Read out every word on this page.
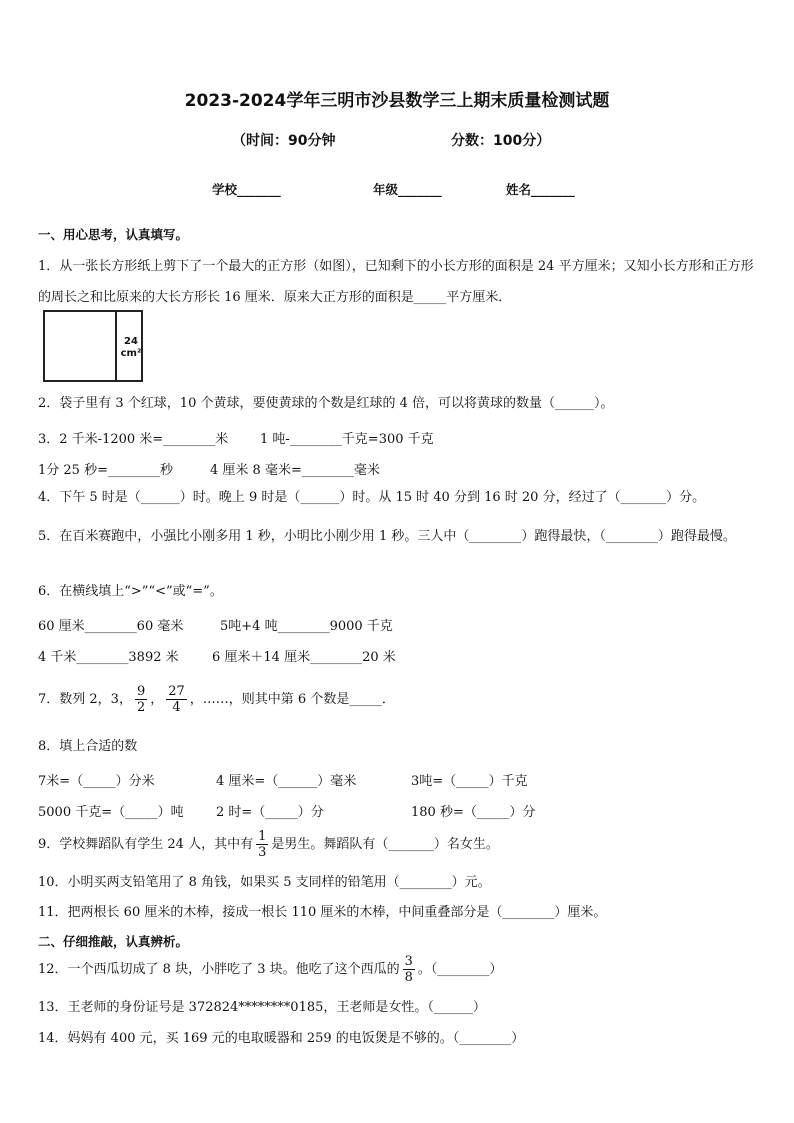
2023-2024学年三明市沙县数学三上期末质量检测试题
（时间：90分钟	分数：100分）
学校_______	年级_______	姓名_______
一、用心思考，认真填写。
1．从一张长方形纸上剪下了一个最大的正方形（如图），已知剩下的小长方形的面积是 24 平方厘米；又知小长方形和正方形的周长之和比原来的大长方形长 16 厘米．原来大正方形的面积是_____平方厘米．
24
cm²
2．袋子里有 3 个红球，10 个黄球，要使黄球的个数是红球的 4 倍，可以将黄球的数量（______）。
3．2 千米-1200 米=________米 1 吨-________千克=300 千克
1分 25 秒=________秒	4 厘米 8 毫米=________毫米
4．下午 5 时是（______）时。晚上 9 时是（______）时。从 15 时 40 分到 16 时 20 分，经过了（_______）分。
5．在百米赛跑中，小强比小刚多用 1 秒，小明比小刚少用 1 秒。三人中（________）跑得最快，（________）跑得最慢。
6．在横线填上“>”“<”或“=”。
60 厘米________60 毫米	5吨+4 吨________9000 千克
4 千米________3892 米	6 厘米＋14 厘米________20 米
7．数列 2，3， $\frac{9}{2}$ ， $\frac{27}{4}$ ，……，则其中第 6 个数是_____．
8．填上合适的数
7米=（_____）分米	4 厘米=（______）毫米	3吨=（_____）千克
5000 千克=（_____）吨 2 时=（_____）分	180 秒=（_____）分
9．学校舞蹈队有学生 24 人，其中有 $\frac{1}{3}$ 是男生。舞蹈队有（_______）名女生。
10．小明买两支铅笔用了 8 角钱，如果买 5 支同样的铅笔用（________）元。
11．把两根长 60 厘米的木棒，接成一根长 110 厘米的木棒，中间重叠部分是（________）厘米。
二、仔细推敲，认真辨析。
12．一个西瓜切成了 8 块，小胖吃了 3 块。他吃了这个西瓜的 $\frac{3}{8}$ 。（________）
13．王老师的身份证号是 372824********0185，王老师是女性。（______）
14．妈妈有 400 元，买 169 元的电取暖器和 259 的电饭煲是不够的。（________）
